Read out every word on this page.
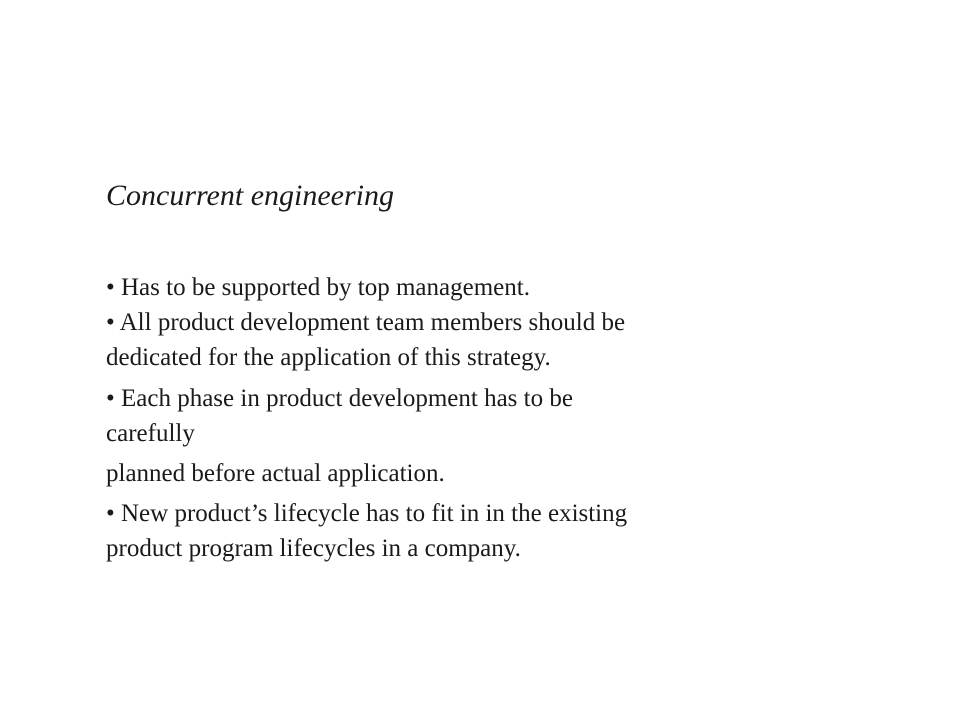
Concurrent engineering
• Has to be supported by top management.
• All product development team members should be
dedicated for the application of this strategy.
• Each phase in product development has to be
carefully
planned before actual application.
• New product’s lifecycle has to fit in in the existing
product program lifecycles in a company.
